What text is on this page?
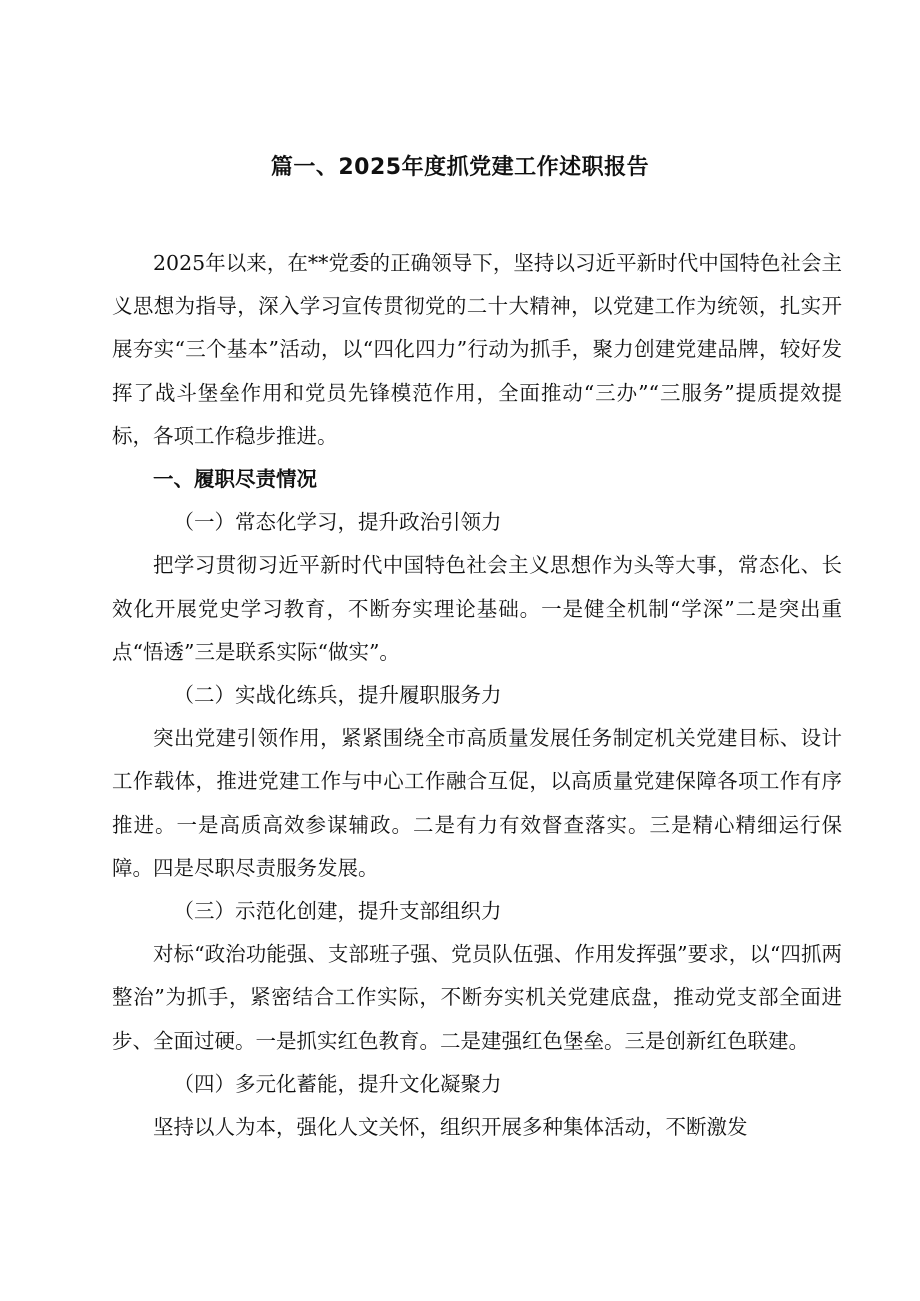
篇一、2025年度抓党建工作述职报告

2025年以来，在**党委的正确领导下，坚持以习近平新时代中国特色社会主义思想为指导，深入学习宣传贯彻党的二十大精神，以党建工作为统领，扎实开展夯实“三个基本”活动，以“四化四力”行动为抓手，聚力创建党建品牌，较好发挥了战斗堡垒作用和党员先锋模范作用，全面推动“三办”“三服务”提质提效提标，各项工作稳步推进。

一、履职尽责情况

（一）常态化学习，提升政治引领力

把学习贯彻习近平新时代中国特色社会主义思想作为头等大事，常态化、长效化开展党史学习教育，不断夯实理论基础。一是健全机制“学深”二是突出重点“悟透”三是联系实际“做实”。

（二）实战化练兵，提升履职服务力

突出党建引领作用，紧紧围绕全市高质量发展任务制定机关党建目标、设计工作载体，推进党建工作与中心工作融合互促，以高质量党建保障各项工作有序推进。一是高质高效参谋辅政。二是有力有效督查落实。三是精心精细运行保障。四是尽职尽责服务发展。

（三）示范化创建，提升支部组织力

对标“政治功能强、支部班子强、党员队伍强、作用发挥强”要求，以“四抓两整治”为抓手，紧密结合工作实际，不断夯实机关党建底盘，推动党支部全面进步、全面过硬。一是抓实红色教育。二是建强红色堡垒。三是创新红色联建。

（四）多元化蓄能，提升文化凝聚力

坚持以人为本，强化人文关怀，组织开展多种集体活动，不断激发
